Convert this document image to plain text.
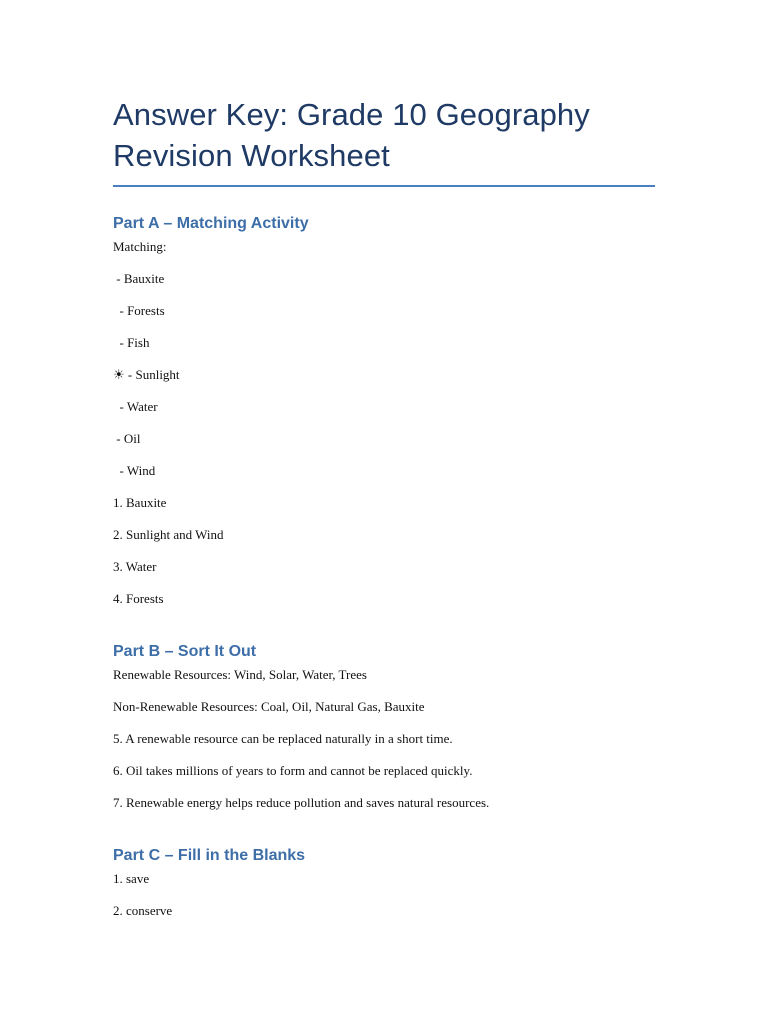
Answer Key: Grade 10 Geography
Revision Worksheet
Part A – Matching Activity
Matching:
- Bauxite
- Forests
- Fish
☀ - Sunlight
- Water
- Oil
- Wind
1. Bauxite
2. Sunlight and Wind
3. Water
4. Forests
Part B – Sort It Out
Renewable Resources: Wind, Solar, Water, Trees
Non-Renewable Resources: Coal, Oil, Natural Gas, Bauxite
5. A renewable resource can be replaced naturally in a short time.
6. Oil takes millions of years to form and cannot be replaced quickly.
7. Renewable energy helps reduce pollution and saves natural resources.
Part C – Fill in the Blanks
1. save
2. conserve
